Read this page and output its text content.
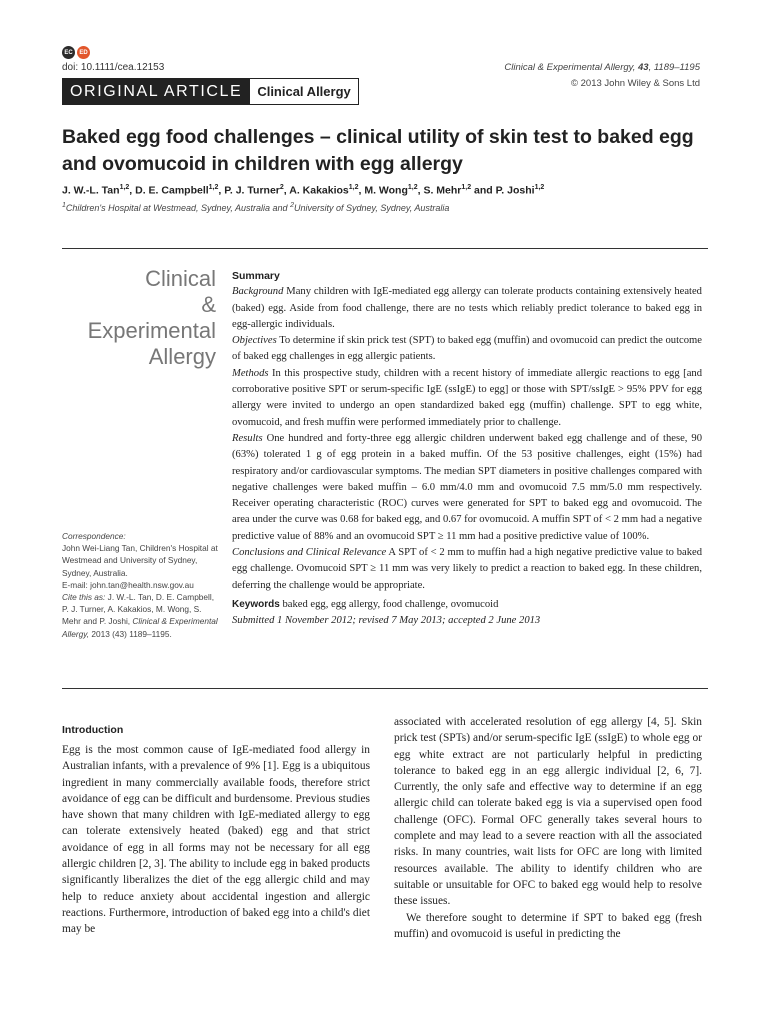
EC	ED
doi: 10.1111/cea.12153	Clinical & Experimental Allergy, 43, 1189–1195
© 2013 John Wiley & Sons Ltd
ORIGINAL ARTICLE	Clinical Allergy
Baked egg food challenges – clinical utility of skin test to baked egg and ovomucoid in children with egg allergy
J. W.-L. Tan$^{1,2}$, D. E. Campbell$^{1,2}$, P. J. Turner$^2$, A. Kakakios$^{1,2}$, M. Wong$^{1,2}$, S. Mehr$^{1,2}$ and P. Joshi$^{1,2}$
$^1$Children's Hospital at Westmead, Sydney, Australia and $^2$University of Sydney, Sydney, Australia
Clinical
&
Experimental
Allergy
Correspondence:
John Wei-Liang Tan, Children's Hospital at Westmead and University of Sydney, Sydney, Australia.
E-mail: john.tan@health.nsw.gov.au
Cite this as: J. W.-L. Tan, D. E. Campbell, P. J. Turner, A. Kakakios, M. Wong, S. Mehr and P. Joshi, Clinical & Experimental Allergy, 2013 (43) 1189–1195.
Summary

Background Many children with IgE-mediated egg allergy can tolerate products containing extensively heated (baked) egg. Aside from food challenge, there are no tests which reliably predict tolerance to baked egg in egg-allergic individuals.

Objectives To determine if skin prick test (SPT) to baked egg (muffin) and ovomucoid can predict the outcome of baked egg challenges in egg allergic patients.

Methods In this prospective study, children with a recent history of immediate allergic reactions to egg [and corroborative positive SPT or serum-specific IgE (ssIgE) to egg] or those with SPT/ssIgE > 95% PPV for egg allergy were invited to undergo an open standardized baked egg (muffin) challenge. SPT to egg white, ovomucoid, and fresh muffin were performed immediately prior to challenge.

Results One hundred and forty-three egg allergic children underwent baked egg challenge and of these, 90 (63%) tolerated 1 g of egg protein in a baked muffin. Of the 53 positive challenges, eight (15%) had respiratory and/or cardiovascular symptoms. The median SPT diameters in positive challenges compared with negative challenges were baked muffin – 6.0 mm/4.0 mm and ovomucoid 7.5 mm/5.0 mm respectively. Receiver operating characteristic (ROC) curves were generated for SPT to baked egg and ovomucoid. The area under the curve was 0.68 for baked egg, and 0.67 for ovomucoid. A muffin SPT of < 2 mm had a negative predictive value of 88% and an ovomucoid SPT ≥ 11 mm had a positive predictive value of 100%.

Conclusions and Clinical Relevance A SPT of < 2 mm to muffin had a high negative predictive value to baked egg challenge. Ovomucoid SPT ≥ 11 mm was very likely to predict a reaction to baked egg. In these children, deferring the challenge would be appropriate.

Keywords baked egg, egg allergy, food challenge, ovomucoid

Submitted 1 November 2012; revised 7 May 2013; accepted 2 June 2013

Introduction

Egg is the most common cause of IgE-mediated food allergy in Australian infants, with a prevalence of 9% [1]. Egg is a ubiquitous ingredient in many commercially available foods, therefore strict avoidance of egg can be difficult and burdensome. Previous studies have shown that many children with IgE-mediated allergy to egg can tolerate extensively heated (baked) egg and that strict avoidance of egg in all forms may not be necessary for all egg allergic children [2, 3]. The ability to include egg in baked products significantly liberalizes the diet of the egg allergic child and may help to reduce anxiety about accidental ingestion and allergic reactions. Furthermore, introduction of baked egg into a child's diet may be

associated with accelerated resolution of egg allergy [4, 5]. Skin prick test (SPTs) and/or serum-specific IgE (ssIgE) to whole egg or egg white extract are not particularly helpful in predicting tolerance to baked egg in an egg allergic individual [2, 6, 7]. Currently, the only safe and effective way to determine if an egg allergic child can tolerate baked egg is via a supervised open food challenge (OFC). Formal OFC generally takes several hours to complete and may lead to a severe reaction with all the associated risks. In many countries, wait lists for OFC are long with limited resources available. The ability to identify children who are suitable or unsuitable for OFC to baked egg would help to resolve these issues.

We therefore sought to determine if SPT to baked egg (fresh muffin) and ovomucoid is useful in predicting the
